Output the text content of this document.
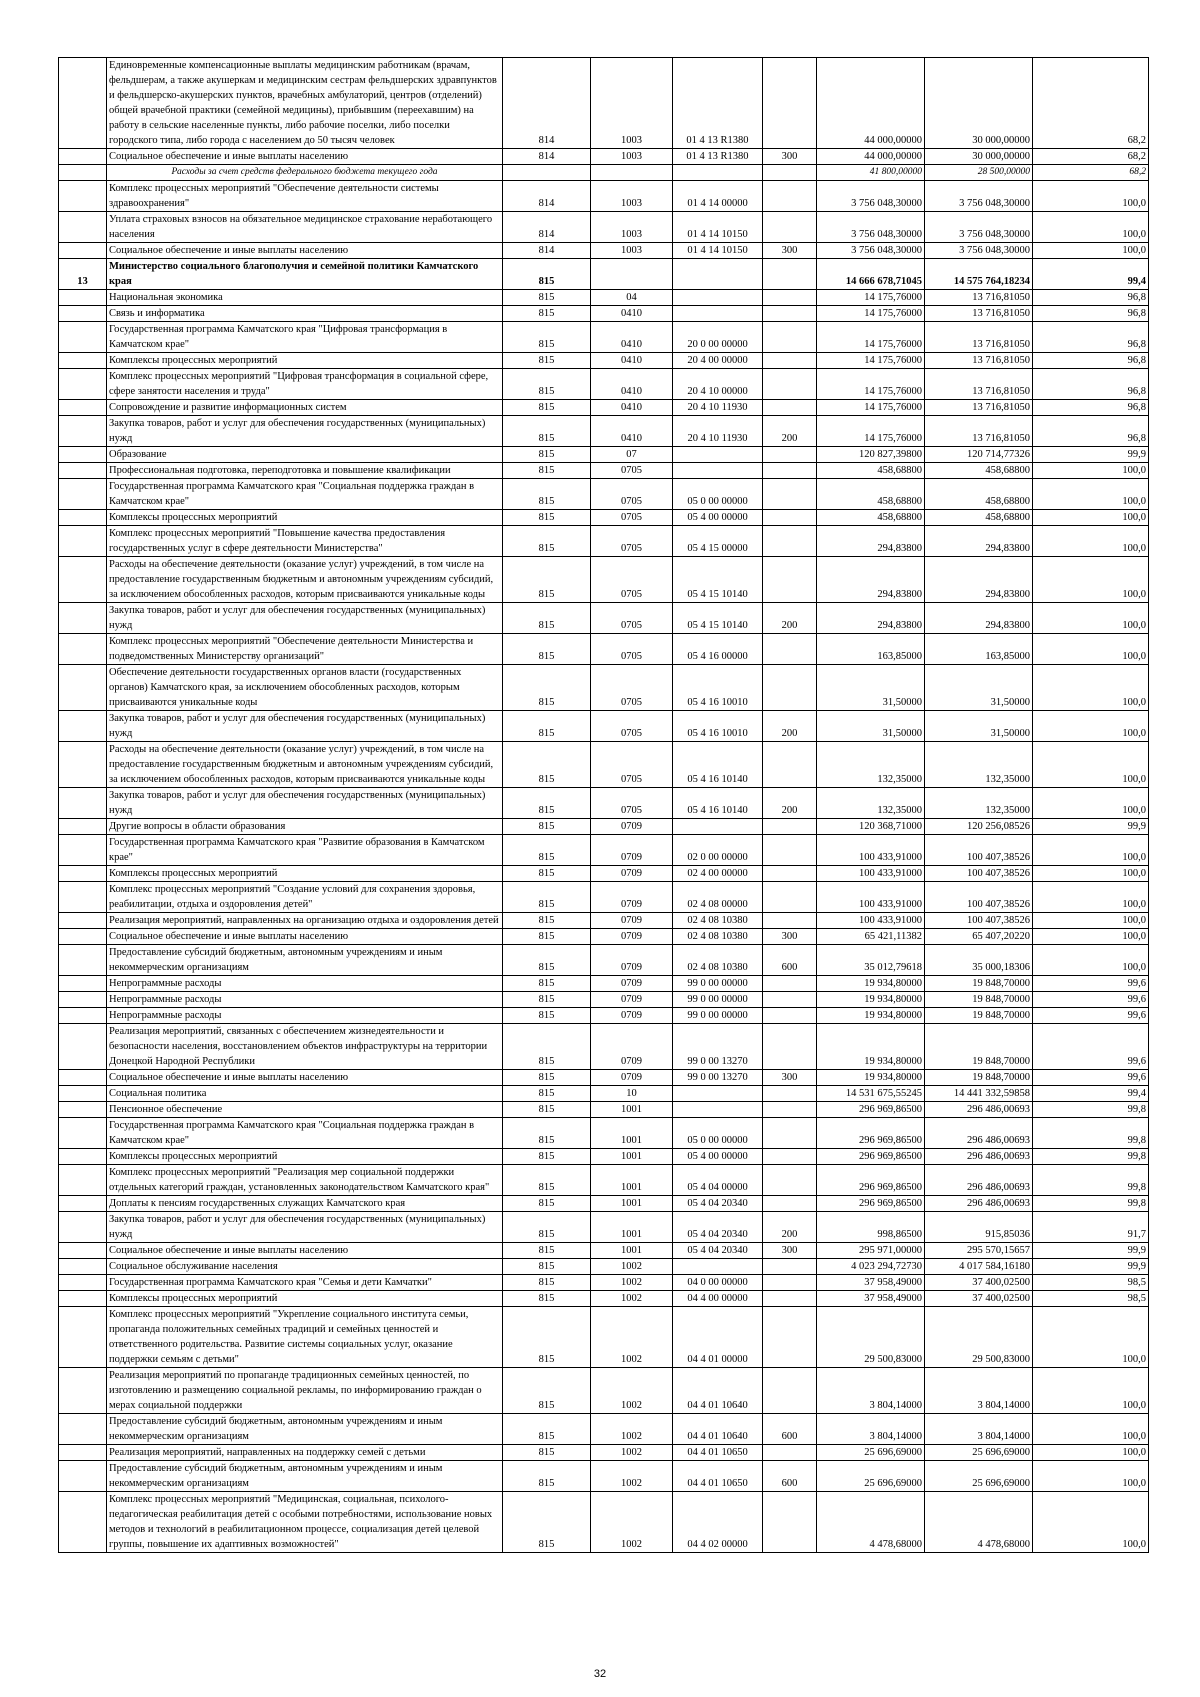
	Единовременные компенсационные выплаты медицинским работникам (врачам, фельдшерам, а также акушеркам и медицинским сестрам фельдшерских здравпунктов и фельдшерско-акушерских пунктов, врачебных амбулаторий, центров (отделений) общей врачебной практики (семейной медицины), прибывшим (переехавшим) на работу в сельские населенные пункты, либо рабочие поселки, либо поселки городского типа, либо города с населением до 50 тысяч человек	814	1003	01 4 13 R1380		44 000,00000	30 000,00000	68,2
	Социальное обеспечение и иные выплаты населению	814	1003	01 4 13 R1380	300	44 000,00000	30 000,00000	68,2
	Расходы за счет средств федерального бюджета текущего года					41 800,00000	28 500,00000	68,2
	Комплекс процессных мероприятий "Обеспечение деятельности системы здравоохранения"	814	1003	01 4 14 00000		3 756 048,30000	3 756 048,30000	100,0
	Уплата страховых взносов на обязательное медицинское страхование неработающего населения	814	1003	01 4 14 10150		3 756 048,30000	3 756 048,30000	100,0
	Социальное обеспечение и иные выплаты населению	814	1003	01 4 14 10150	300	3 756 048,30000	3 756 048,30000	100,0
13	Министерство социального благополучия и семейной политики Камчатского края	815				14 666 678,71045	14 575 764,18234	99,4
	Национальная экономика	815	04			14 175,76000	13 716,81050	96,8
	Связь и информатика	815	0410			14 175,76000	13 716,81050	96,8
	Государственная программа Камчатского края "Цифровая трансформация в Камчатском крае"	815	0410	20 0 00 00000		14 175,76000	13 716,81050	96,8
	Комплексы процессных мероприятий	815	0410	20 4 00 00000		14 175,76000	13 716,81050	96,8
	Комплекс процессных мероприятий "Цифровая трансформация в социальной сфере, сфере занятости населения и труда"	815	0410	20 4 10 00000		14 175,76000	13 716,81050	96,8
	Сопровождение и развитие информационных систем	815	0410	20 4 10 11930		14 175,76000	13 716,81050	96,8
	Закупка товаров, работ и услуг для обеспечения государственных (муниципальных) нужд	815	0410	20 4 10 11930	200	14 175,76000	13 716,81050	96,8
	Образование	815	07			120 827,39800	120 714,77326	99,9
	Профессиональная подготовка, переподготовка и повышение квалификации	815	0705			458,68800	458,68800	100,0
	Государственная программа Камчатского края "Социальная поддержка граждан в Камчатском крае"	815	0705	05 0 00 00000		458,68800	458,68800	100,0
	Комплексы процессных мероприятий	815	0705	05 4 00 00000		458,68800	458,68800	100,0
	Комплекс процессных мероприятий "Повышение качества предоставления государственных услуг в сфере деятельности Министерства"	815	0705	05 4 15 00000		294,83800	294,83800	100,0
	Расходы на обеспечение деятельности (оказание услуг) учреждений, в том числе на предоставление государственным бюджетным и автономным учреждениям субсидий, за исключением обособленных расходов, которым присваиваются уникальные коды	815	0705	05 4 15 10140		294,83800	294,83800	100,0
	Закупка товаров, работ и услуг для обеспечения государственных (муниципальных) нужд	815	0705	05 4 15 10140	200	294,83800	294,83800	100,0
	Комплекс процессных мероприятий "Обеспечение деятельности Министерства и подведомственных Министерству организаций"	815	0705	05 4 16 00000		163,85000	163,85000	100,0
	Обеспечение деятельности государственных органов власти (государственных органов) Камчатского края, за исключением обособленных расходов, которым присваиваются уникальные коды	815	0705	05 4 16 10010		31,50000	31,50000	100,0
	Закупка товаров, работ и услуг для обеспечения государственных (муниципальных) нужд	815	0705	05 4 16 10010	200	31,50000	31,50000	100,0
	Расходы на обеспечение деятельности (оказание услуг) учреждений, в том числе на предоставление государственным бюджетным и автономным учреждениям субсидий, за исключением обособленных расходов, которым присваиваются уникальные коды	815	0705	05 4 16 10140		132,35000	132,35000	100,0
	Закупка товаров, работ и услуг для обеспечения государственных (муниципальных) нужд	815	0705	05 4 16 10140	200	132,35000	132,35000	100,0
	Другие вопросы в области образования	815	0709			120 368,71000	120 256,08526	99,9
	Государственная программа Камчатского края "Развитие образования в Камчатском крае"	815	0709	02 0 00 00000		100 433,91000	100 407,38526	100,0
	Комплексы процессных мероприятий	815	0709	02 4 00 00000		100 433,91000	100 407,38526	100,0
	Комплекс процессных мероприятий "Создание условий для сохранения здоровья, реабилитации, отдыха и оздоровления детей"	815	0709	02 4 08 00000		100 433,91000	100 407,38526	100,0
	Реализация мероприятий, направленных на организацию отдыха и оздоровления детей	815	0709	02 4 08 10380		100 433,91000	100 407,38526	100,0
	Социальное обеспечение и иные выплаты населению	815	0709	02 4 08 10380	300	65 421,11382	65 407,20220	100,0
	Предоставление субсидий бюджетным, автономным учреждениям и иным некоммерческим организациям	815	0709	02 4 08 10380	600	35 012,79618	35 000,18306	100,0
	Непрограммные расходы	815	0709	99 0 00 00000		19 934,80000	19 848,70000	99,6
	Непрограммные расходы	815	0709	99 0 00 00000		19 934,80000	19 848,70000	99,6
	Непрограммные расходы	815	0709	99 0 00 00000		19 934,80000	19 848,70000	99,6
	Реализация мероприятий, связанных с обеспечением жизнедеятельности и безопасности населения, восстановлением объектов инфраструктуры на территории Донецкой Народной Республики	815	0709	99 0 00 13270		19 934,80000	19 848,70000	99,6
	Социальное обеспечение и иные выплаты населению	815	0709	99 0 00 13270	300	19 934,80000	19 848,70000	99,6
	Социальная политика	815	10			14 531 675,55245	14 441 332,59858	99,4
	Пенсионное обеспечение	815	1001			296 969,86500	296 486,00693	99,8
	Государственная программа Камчатского края "Социальная поддержка граждан в Камчатском крае"	815	1001	05 0 00 00000		296 969,86500	296 486,00693	99,8
	Комплексы процессных мероприятий	815	1001	05 4 00 00000		296 969,86500	296 486,00693	99,8
	Комплекс процессных мероприятий "Реализация мер социальной поддержки отдельных категорий граждан, установленных законодательством Камчатского края"	815	1001	05 4 04 00000		296 969,86500	296 486,00693	99,8
	Доплаты к пенсиям государственных служащих Камчатского края	815	1001	05 4 04 20340		296 969,86500	296 486,00693	99,8
	Закупка товаров, работ и услуг для обеспечения государственных (муниципальных) нужд	815	1001	05 4 04 20340	200	998,86500	915,85036	91,7
	Социальное обеспечение и иные выплаты населению	815	1001	05 4 04 20340	300	295 971,00000	295 570,15657	99,9
	Социальное обслуживание населения	815	1002			4 023 294,72730	4 017 584,16180	99,9
	Государственная программа Камчатского края "Семья и дети Камчатки"	815	1002	04 0 00 00000		37 958,49000	37 400,02500	98,5
	Комплексы процессных мероприятий	815	1002	04 4 00 00000		37 958,49000	37 400,02500	98,5
	Комплекс процессных мероприятий "Укрепление социального института семьи, пропаганда положительных семейных традиций и семейных ценностей и ответственного родительства. Развитие системы социальных услуг, оказание поддержки семьям с детьми"	815	1002	04 4 01 00000		29 500,83000	29 500,83000	100,0
	Реализация мероприятий по пропаганде традиционных семейных ценностей, по изготовлению и размещению социальной рекламы, по информированию граждан о мерах социальной поддержки	815	1002	04 4 01 10640		3 804,14000	3 804,14000	100,0
	Предоставление субсидий бюджетным, автономным учреждениям и иным некоммерческим организациям	815	1002	04 4 01 10640	600	3 804,14000	3 804,14000	100,0
	Реализация мероприятий, направленных на поддержку семей с детьми	815	1002	04 4 01 10650		25 696,69000	25 696,69000	100,0
	Предоставление субсидий бюджетным, автономным учреждениям и иным некоммерческим организациям	815	1002	04 4 01 10650	600	25 696,69000	25 696,69000	100,0
	Комплекс процессных мероприятий "Медицинская, социальная, психолого-педагогическая реабилитация детей с особыми потребностями, использование новых методов и технологий в реабилитационном процессе, социализация детей целевой группы, повышение их адаптивных возможностей"	815	1002	04 4 02 00000		4 478,68000	4 478,68000	100,0
32
